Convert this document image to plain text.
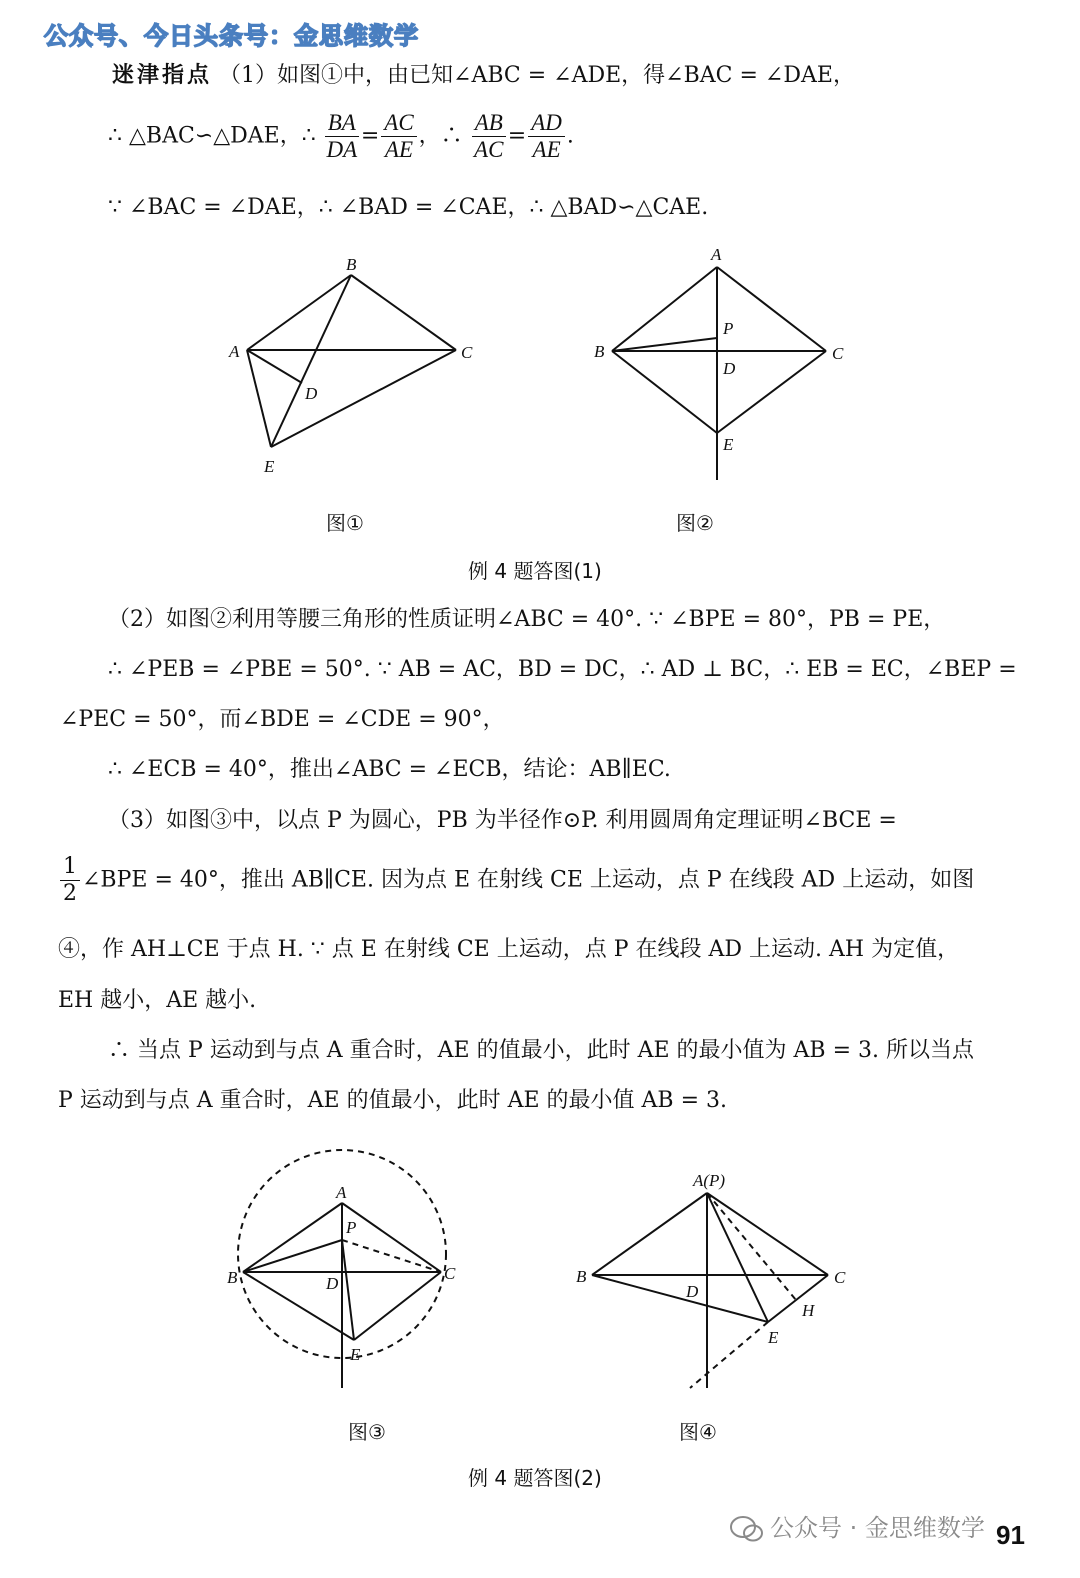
公众号、今日头条号：金思维数学
迷津指点 （1）如图①中，由已知∠ABC = ∠ADE，得∠BAC = ∠DAE，
∴ △BAC∽△DAE，∴ $\frac{BA}{DA} = \frac{AC}{AE}$ ，∴ $\frac{AB}{AC} = \frac{AD}{AE}$ .
∵ ∠BAC = ∠DAE，∴ ∠BAD = ∠CAE，∴ △BAD∽△CAE.
B
A	C
D
E
A
B	C
P
D
E
图①	图②
例 4 题答图(1)
（2）如图②利用等腰三角形的性质证明∠ABC = 40°. ∵ ∠BPE = 80°，PB = PE，
∴ ∠PEB = ∠PBE = 50°. ∵ AB = AC，BD = DC，∴ AD ⊥ BC，∴ EB = EC，∠BEP =
∠PEC = 50°，而∠BDE = ∠CDE = 90°，
∴ ∠ECB = 40°，推出∠ABC = ∠ECB，结论：AB∥EC.
（3）如图③中，以点 P 为圆心，PB 为半径作⊙P. 利用圆周角定理证明∠BCE =
$\frac{1}{2}$ ∠BPE = 40°，推出 AB∥CE. 因为点 E 在射线 CE 上运动，点 P 在线段 AD 上运动，如图
④，作 AH⊥CE 于点 H. ∵ 点 E 在射线 CE 上运动，点 P 在线段 AD 上运动. AH 为定值，
EH 越小，AE 越小.
∴ 当点 P 运动到与点 A 重合时，AE 的值最小，此时 AE 的最小值为 AB = 3. 所以当点
P 运动到与点 A 重合时，AE 的值最小，此时 AE 的最小值 AB = 3.
A
P
B	C
D
E
A(P)
B	C
D
H
E
图③	图④
例 4 题答图(2)
公众号 · 金思维数学 91
